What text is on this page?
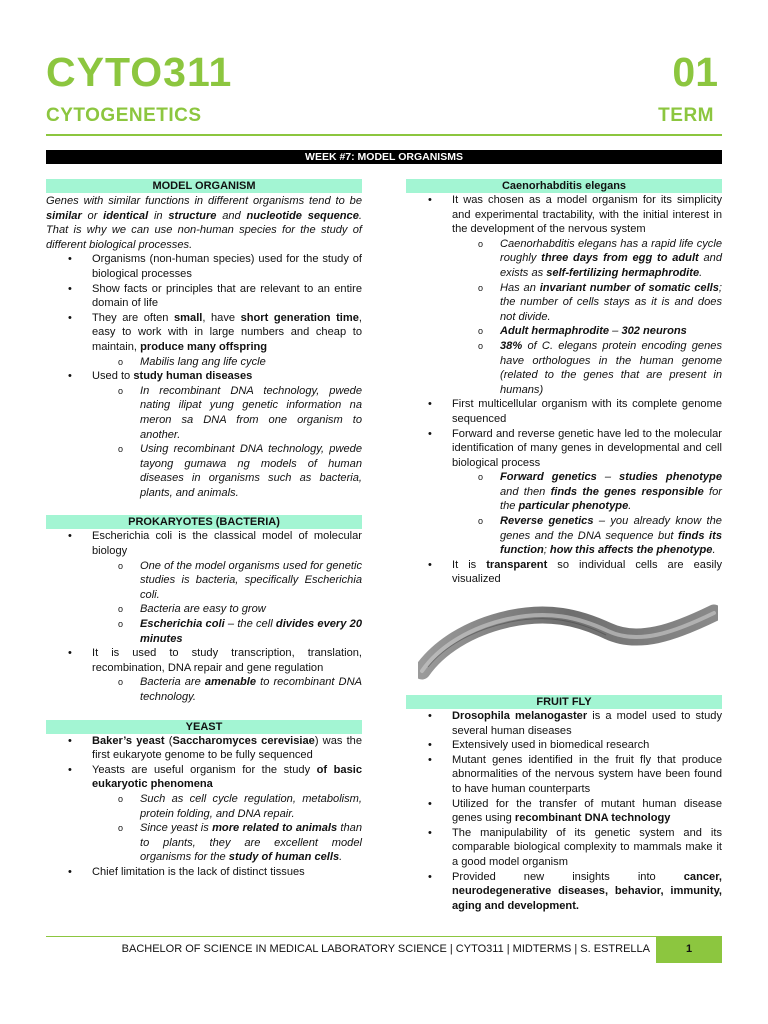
CYTO311	01
CYTOGENETICS	TERM
WEEK #7: MODEL ORGANISMS
MODEL ORGANISM

Genes with similar functions in different organisms tend to be similar or identical in structure and nucleotide sequence. That is why we can use non-human species for the study of different biological processes.

• Organisms (non-human species) used for the study of biological processes
• Show facts or principles that are relevant to an entire domain of life
• They are often small, have short generation time, easy to work with in large numbers and cheap to maintain, produce many offspring
o Mabilis lang ang life cycle
• Used to study human diseases
o In recombinant DNA technology, pwede nating ilipat yung genetic information na meron sa DNA from one organism to another.
o Using recombinant DNA technology, pwede tayong gumawa ng models of human diseases in organisms such as bacteria, plants, and animals.
PROKARYOTES (BACTERIA)
• Escherichia coli is the classical model of molecular biology
o One of the model organisms used for genetic studies is bacteria, specifically Escherichia coli.
o Bacteria are easy to grow
o Escherichia coli – the cell divides every 20 minutes
• It is used to study transcription, translation, recombination, DNA repair and gene regulation
o Bacteria are amenable to recombinant DNA technology.
YEAST
• Baker’s yeast (Saccharomyces cerevisiae) was the first eukaryote genome to be fully sequenced
• Yeasts are useful organism for the study of basic eukaryotic phenomena
o Such as cell cycle regulation, metabolism, protein folding, and DNA repair.
o Since yeast is more related to animals than to plants, they are excellent model organisms for the study of human cells.
• Chief limitation is the lack of distinct tissues
Caenorhabditis elegans
• It was chosen as a model organism for its simplicity and experimental tractability, with the initial interest in the development of the nervous system
o Caenorhabditis elegans has a rapid life cycle roughly three days from egg to adult and exists as self-fertilizing hermaphrodite.
o Has an invariant number of somatic cells; the number of cells stays as it is and does not divide.
o Adult hermaphrodite – 302 neurons
o 38% of C. elegans protein encoding genes have orthologues in the human genome (related to the genes that are present in humans)
• First multicellular organism with its complete genome sequenced
• Forward and reverse genetic have led to the molecular identification of many genes in developmental and cell biological process
o Forward genetics – studies phenotype and then finds the genes responsible for the particular phenotype.
o Reverse genetics – you already know the genes and the DNA sequence but finds its function; how this affects the phenotype.
• It is transparent so individual cells are easily visualized
FRUIT FLY
• Drosophila melanogaster is a model used to study several human diseases
• Extensively used in biomedical research
• Mutant genes identified in the fruit fly that produce abnormalities of the nervous system have been found to have human counterparts
• Utilized for the transfer of mutant human disease genes using recombinant DNA technology
• The manipulability of its genetic system and its comparable biological complexity to mammals make it a good model organism
• Provided new insights into cancer, neurodegenerative diseases, behavior, immunity, aging and development.
BACHELOR OF SCIENCE IN MEDICAL LABORATORY SCIENCE | CYTO311 | MIDTERMS | S. ESTRELLA	1
